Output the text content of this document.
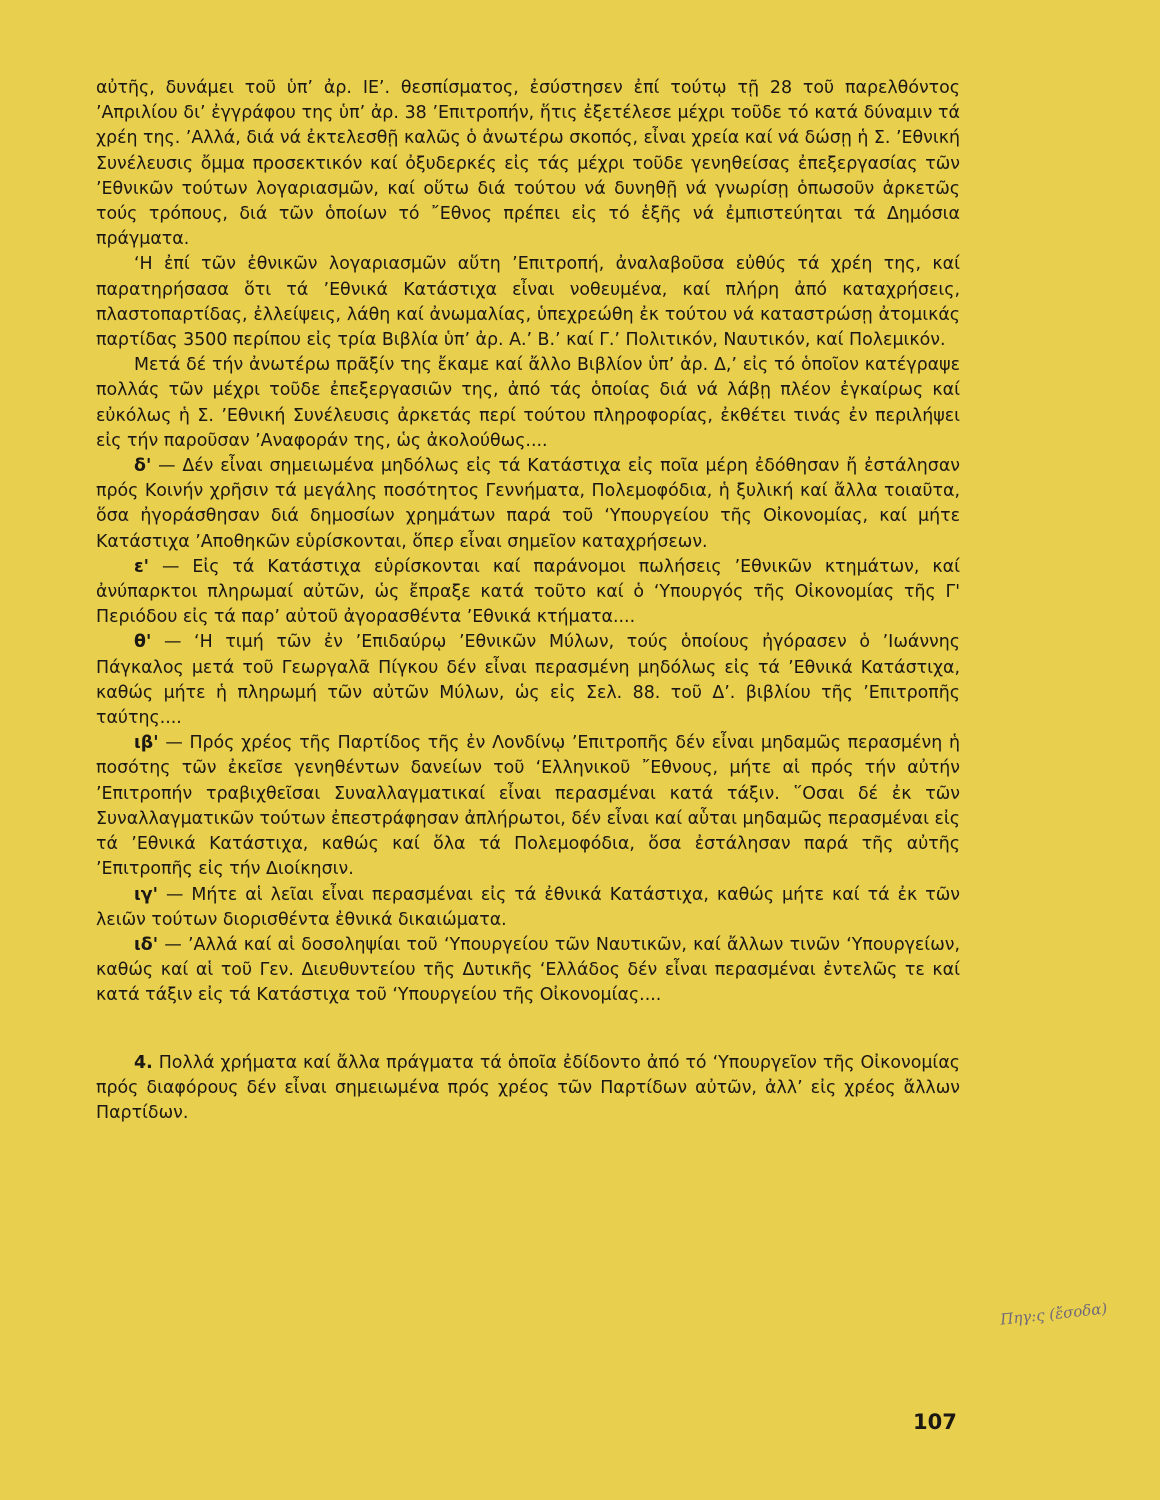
αὐτῆς, δυνάμει τοῦ ὑπ’ ἀρ. ΙΕ’. θεσπίσματος, ἐσύστησεν ἐπί τούτῳ τῇ 28 τοῦ παρελθόντος ’Απριλίου δι’ ἐγγράφου της ὑπ’ ἀρ. 38 ’Επιτροπήν, ἥτις ἐξετέλεσε μέχρι τοῦδε τό κατά δύναμιν τά χρέη της. ’Αλλά, διά νά ἐκτελεσθῇ καλῶς ὁ ἀνωτέρω σκοπός, εἶναι χρεία καί νά δώσῃ ἡ Σ. ’Εθνική Συνέλευσις ὄμμα προσεκτικόν καί ὀξυδερκές εἰς τάς μέχρι τοῦδε γενηθείσας ἐπεξεργασίας τῶν ’Εθνικῶν τούτων λογαριασμῶν, καί οὕτω διά τούτου νά δυνηθῇ νά γνωρίσῃ ὁπωσοῦν ἀρκετῶς τούς τρόπους, διά τῶν ὁποίων τό ῎Εθνος πρέπει εἰς τό ἑξῆς νά ἐμπιστεύηται τά Δημόσια πράγματα.

‘Η ἐπί τῶν ἐθνικῶν λογαριασμῶν αὕτη ’Επιτροπή, ἀναλαβοῦσα εὐθύς τά χρέη της, καί παρατηρήσασα ὅτι τά ’Εθνικά Κατάστιχα εἶναι νοθευμένα, καί πλήρη ἀπό καταχρήσεις, πλαστοπαρτίδας, ἐλλείψεις, λάθη καί ἀνωμαλίας, ὑπεχρεώθη ἐκ τούτου νά καταστρώσῃ ἀτομικάς παρτίδας 3500 περίπου εἰς τρία Βιβλία ὑπ’ ἀρ. Α.’ Β.’ καί Γ.’ Πολιτικόν, Ναυτικόν, καί Πολεμικόν.

Μετά δέ τήν ἀνωτέρω πρᾶξίν της ἔκαμε καί ἄλλο Βιβλίον ὑπ’ ἀρ. Δ,’ εἰς τό ὁποῖον κατέγραψε πολλάς τῶν μέχρι τοῦδε ἐπεξεργασιῶν της, ἀπό τάς ὁποίας διά νά λάβῃ πλέον ἐγκαίρως καί εὐκόλως ἡ Σ. ’Εθνική Συνέλευσις ἀρκετάς περί τούτου πληροφορίας, ἐκθέτει τινάς ἐν περιλήψει εἰς τήν παροῦσαν ’Αναφοράν της, ὡς ἀκολούθως....

δ' — Δέν εἶναι σημειωμένα μηδόλως εἰς τά Κατάστιχα εἰς ποῖα μέρη ἐδόθησαν ἤ ἐστάλησαν πρός Κοινήν χρῆσιν τά μεγάλης ποσότητος Γεννήματα, Πολεμοφόδια, ἡ ξυλική καί ἄλλα τοιαῦτα, ὅσα ἠγοράσθησαν διά δημοσίων χρημάτων παρά τοῦ ‘Υπουργείου τῆς Οἰκονομίας, καί μήτε Κατάστιχα ’Αποθηκῶν εὑρίσκονται, ὅπερ εἶναι σημεῖον καταχρήσεων.

ε' — Εἰς τά Κατάστιχα εὑρίσκονται καί παράνομοι πωλήσεις ’Εθνικῶν κτημάτων, καί ἀνύπαρκτοι πληρωμαί αὐτῶν, ὡς ἔπραξε κατά τοῦτο καί ὁ ‘Υπουργός τῆς Οἰκονομίας τῆς Γ' Περιόδου εἰς τά παρ’ αὐτοῦ ἀγορασθέντα ’Εθνικά κτήματα....

θ' — ‘Η τιμή τῶν ἐν ’Επιδαύρῳ ’Εθνικῶν Μύλων, τούς ὁποίους ἠγόρασεν ὁ ’Ιωάννης Πάγκαλος μετά τοῦ Γεωργαλᾶ Πίγκου δέν εἶναι περασμένη μηδόλως εἰς τά ’Εθνικά Κατάστιχα, καθώς μήτε ἡ πληρωμή τῶν αὐτῶν Μύλων, ὡς εἰς Σελ. 88. τοῦ Δ’. βιβλίου τῆς ’Επιτροπῆς ταύτης....

ιβ' — Πρός χρέος τῆς Παρτίδος τῆς ἐν Λονδίνῳ ’Επιτροπῆς δέν εἶναι μηδαμῶς περασμένη ἡ ποσότης τῶν ἐκεῖσε γενηθέντων δανείων τοῦ ‘Ελληνικοῦ ῎Εθνους, μήτε αἱ πρός τήν αὐτήν ’Επιτροπήν τραβιχθεῖσαι Συναλλαγματικαί εἶναι περασμέναι κατά τάξιν. ῞Οσαι δέ ἐκ τῶν Συναλλαγματικῶν τούτων ἐπεστράφησαν ἀπλήρωτοι, δέν εἶναι καί αὗται μηδαμῶς περασμέναι εἰς τά ’Εθνικά Κατάστιχα, καθώς καί ὅλα τά Πολεμοφόδια, ὅσα ἐστάλησαν παρά τῆς αὐτῆς ’Επιτροπῆς εἰς τήν Διοίκησιν.

ιγ' — Μήτε αἱ λεῖαι εἶναι περασμέναι εἰς τά ἐθνικά Κατάστιχα, καθώς μήτε καί τά ἐκ τῶν λειῶν τούτων διορισθέντα ἐθνικά δικαιώματα.

ιδ' — ’Αλλά καί αἱ δοσοληψίαι τοῦ ‘Υπουργείου τῶν Ναυτικῶν, καί ἄλλων τινῶν ‘Υπουργείων, καθώς καί αἱ τοῦ Γεν. Διευθυντείου τῆς Δυτικῆς ‘Ελλάδος δέν εἶναι περασμέναι ἐντελῶς τε καί κατά τάξιν εἰς τά Κατάστιχα τοῦ ‘Υπουργείου τῆς Οἰκονομίας....

4. Πολλά χρήματα καί ἄλλα πράγματα τά ὁποῖα ἐδίδοντο ἀπό τό ‘Υπουργεῖον τῆς Οἰκονομίας πρός διαφόρους δέν εἶναι σημειωμένα πρός χρέος τῶν Παρτίδων αὐτῶν, ἀλλ’ εἰς χρέος ἄλλων Παρτίδων.

Πηγ:ς (ἔσοδα)
107
